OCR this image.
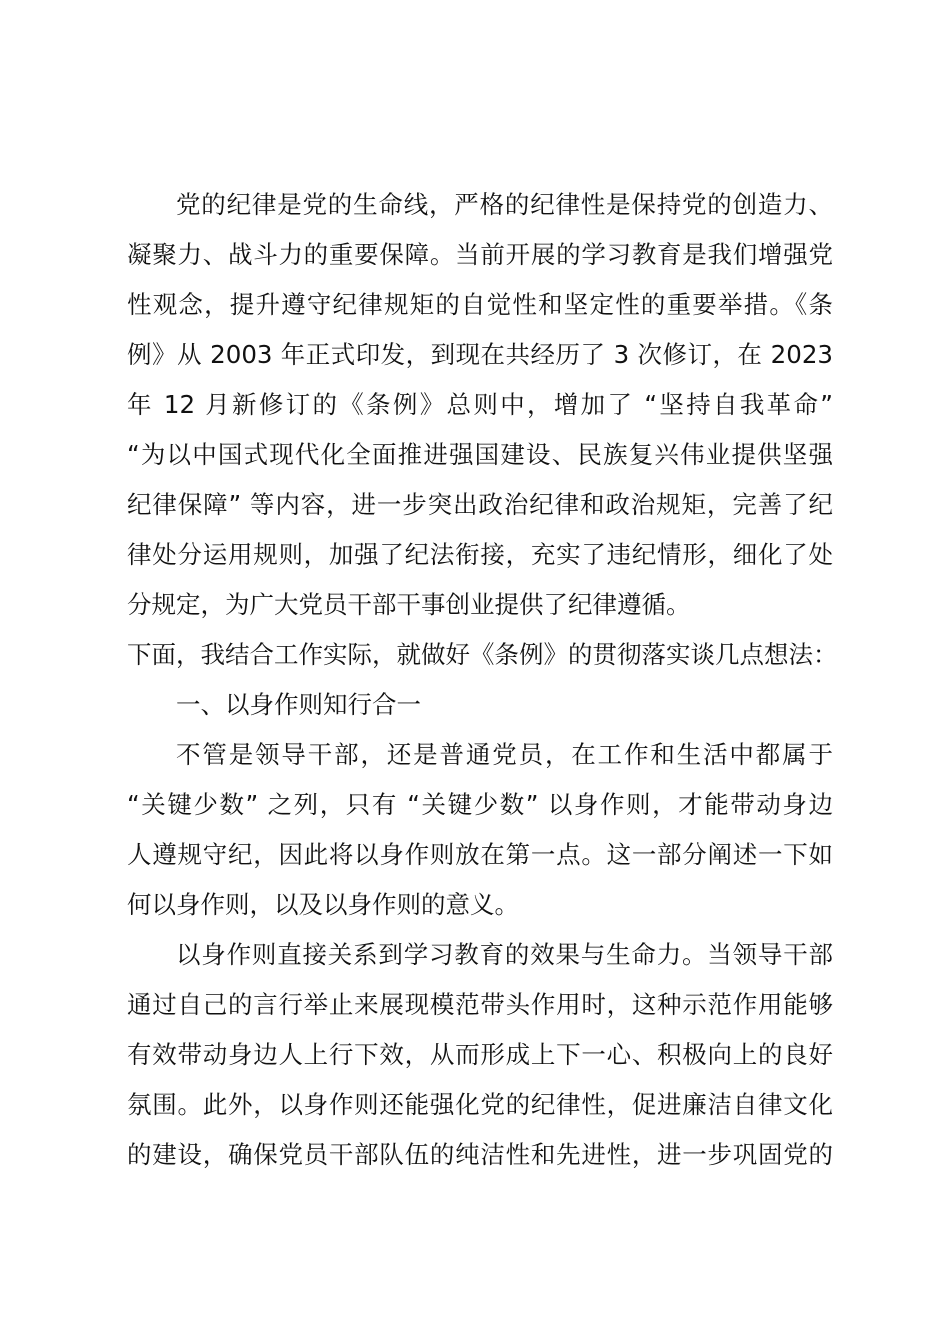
党的纪律是党的生命线，严格的纪律性是保持党的创造力、
凝聚力、战斗力的重要保障。当前开展的学习教育是我们增强党
性观念，提升遵守纪律规矩的自觉性和坚定性的重要举措。《条
例》从 2003 年正式印发，到现在共经历了 3 次修订，在 2023
年 12 月新修订的《条例》总则中，增加了 “坚持自我革命”
“为以中国式现代化全面推进强国建设、民族复兴伟业提供坚强
纪律保障” 等内容，进一步突出政治纪律和政治规矩，完善了纪
律处分运用规则，加强了纪法衔接，充实了违纪情形，细化了处
分规定，为广大党员干部干事创业提供了纪律遵循。
下面，我结合工作实际，就做好《条例》的贯彻落实谈几点想法：
一、以身作则知行合一
不管是领导干部，还是普通党员，在工作和生活中都属于
“关键少数” 之列，只有 “关键少数” 以身作则，才能带动身边
人遵规守纪，因此将以身作则放在第一点。这一部分阐述一下如
何以身作则，以及以身作则的意义。
以身作则直接关系到学习教育的效果与生命力。当领导干部
通过自己的言行举止来展现模范带头作用时，这种示范作用能够
有效带动身边人上行下效，从而形成上下一心、积极向上的良好
氛围。此外，以身作则还能强化党的纪律性，促进廉洁自律文化
的建设，确保党员干部队伍的纯洁性和先进性，进一步巩固党的
